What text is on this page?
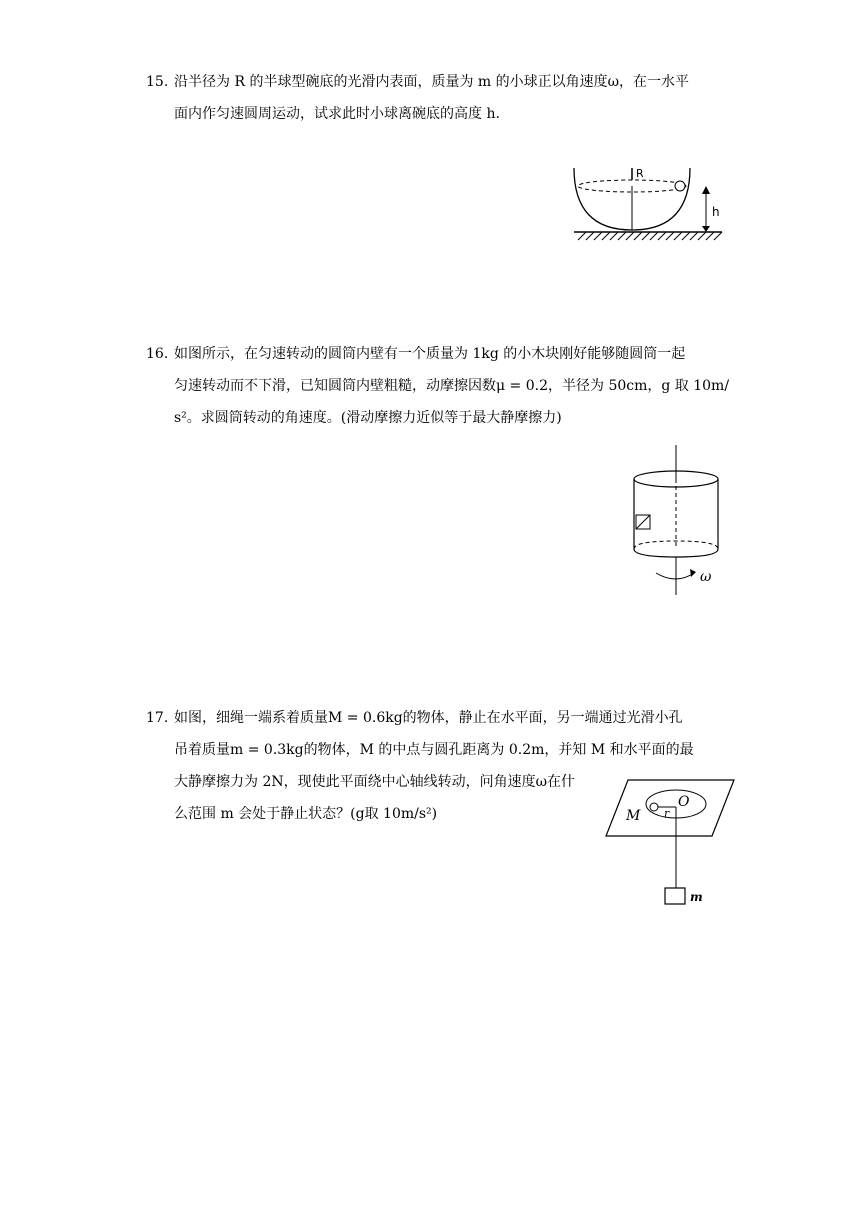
15. 沿半径为 R 的半球型碗底的光滑内表面，质量为 m 的小球正以角速度ω，在一水平
面内作匀速圆周运动，试求此时小球离碗底的高度 h.
R
h
16. 如图所示，在匀速转动的圆筒内壁有一个质量为 1kg 的小木块刚好能够随圆筒一起
匀速转动而不下滑，已知圆筒内壁粗糙，动摩擦因数μ = 0.2，半径为 50cm，g 取 10m/
s²。求圆筒转动的角速度。(滑动摩擦力近似等于最大静摩擦力)
ω
17. 如图，细绳一端系着质量M = 0.6kg的物体，静止在水平面，另一端通过光滑小孔
吊着质量m = 0.3kg的物体，M 的中点与圆孔距离为 0.2m，并知 M 和水平面的最
大静摩擦力为 2N，现使此平面绕中心轴线转动，问角速度ω在什
么范围 m 会处于静止状态？(g取 10m/s²)	M r
O
m
